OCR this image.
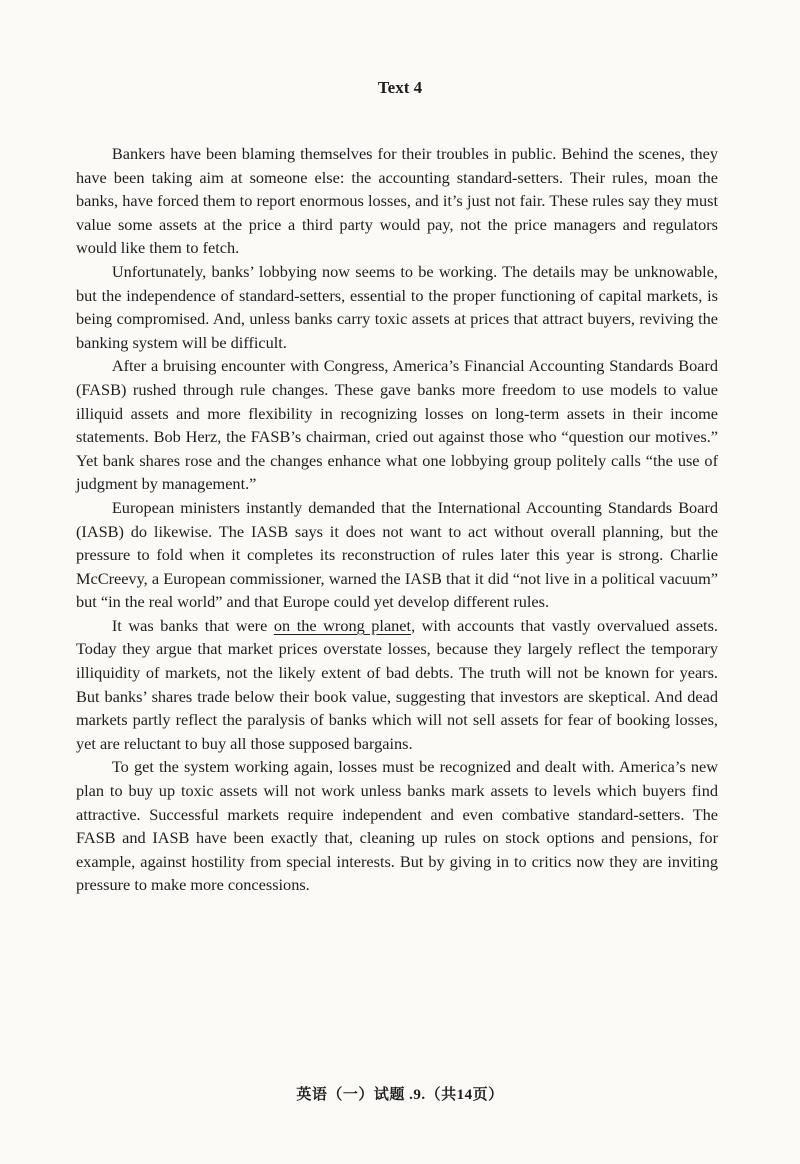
Text 4

Bankers have been blaming themselves for their troubles in public. Behind the scenes, they have been taking aim at someone else: the accounting standard-setters. Their rules, moan the banks, have forced them to report enormous losses, and it’s just not fair. These rules say they must value some assets at the price a third party would pay, not the price managers and regulators would like them to fetch.

Unfortunately, banks’ lobbying now seems to be working. The details may be unknowable, but the independence of standard-setters, essential to the proper functioning of capital markets, is being compromised. And, unless banks carry toxic assets at prices that attract buyers, reviving the banking system will be difficult.

After a bruising encounter with Congress, America’s Financial Accounting Standards Board (FASB) rushed through rule changes. These gave banks more freedom to use models to value illiquid assets and more flexibility in recognizing losses on long-term assets in their income statements. Bob Herz, the FASB’s chairman, cried out against those who “question our motives.” Yet bank shares rose and the changes enhance what one lobbying group politely calls “the use of judgment by management.”

European ministers instantly demanded that the International Accounting Standards Board (IASB) do likewise. The IASB says it does not want to act without overall planning, but the pressure to fold when it completes its reconstruction of rules later this year is strong. Charlie McCreevy, a European commissioner, warned the IASB that it did “not live in a political vacuum” but “in the real world” and that Europe could yet develop different rules.

It was banks that were on the wrong planet, with accounts that vastly overvalued assets. Today they argue that market prices overstate losses, because they largely reflect the temporary illiquidity of markets, not the likely extent of bad debts. The truth will not be known for years. But banks’ shares trade below their book value, suggesting that investors are skeptical. And dead markets partly reflect the paralysis of banks which will not sell assets for fear of booking losses, yet are reluctant to buy all those supposed bargains.

To get the system working again, losses must be recognized and dealt with. America’s new plan to buy up toxic assets will not work unless banks mark assets to levels which buyers find attractive. Successful markets require independent and even combative standard-setters. The FASB and IASB have been exactly that, cleaning up rules on stock options and pensions, for example, against hostility from special interests. But by giving in to critics now they are inviting pressure to make more concessions.

英语（一）试题 .9.（共14页）
